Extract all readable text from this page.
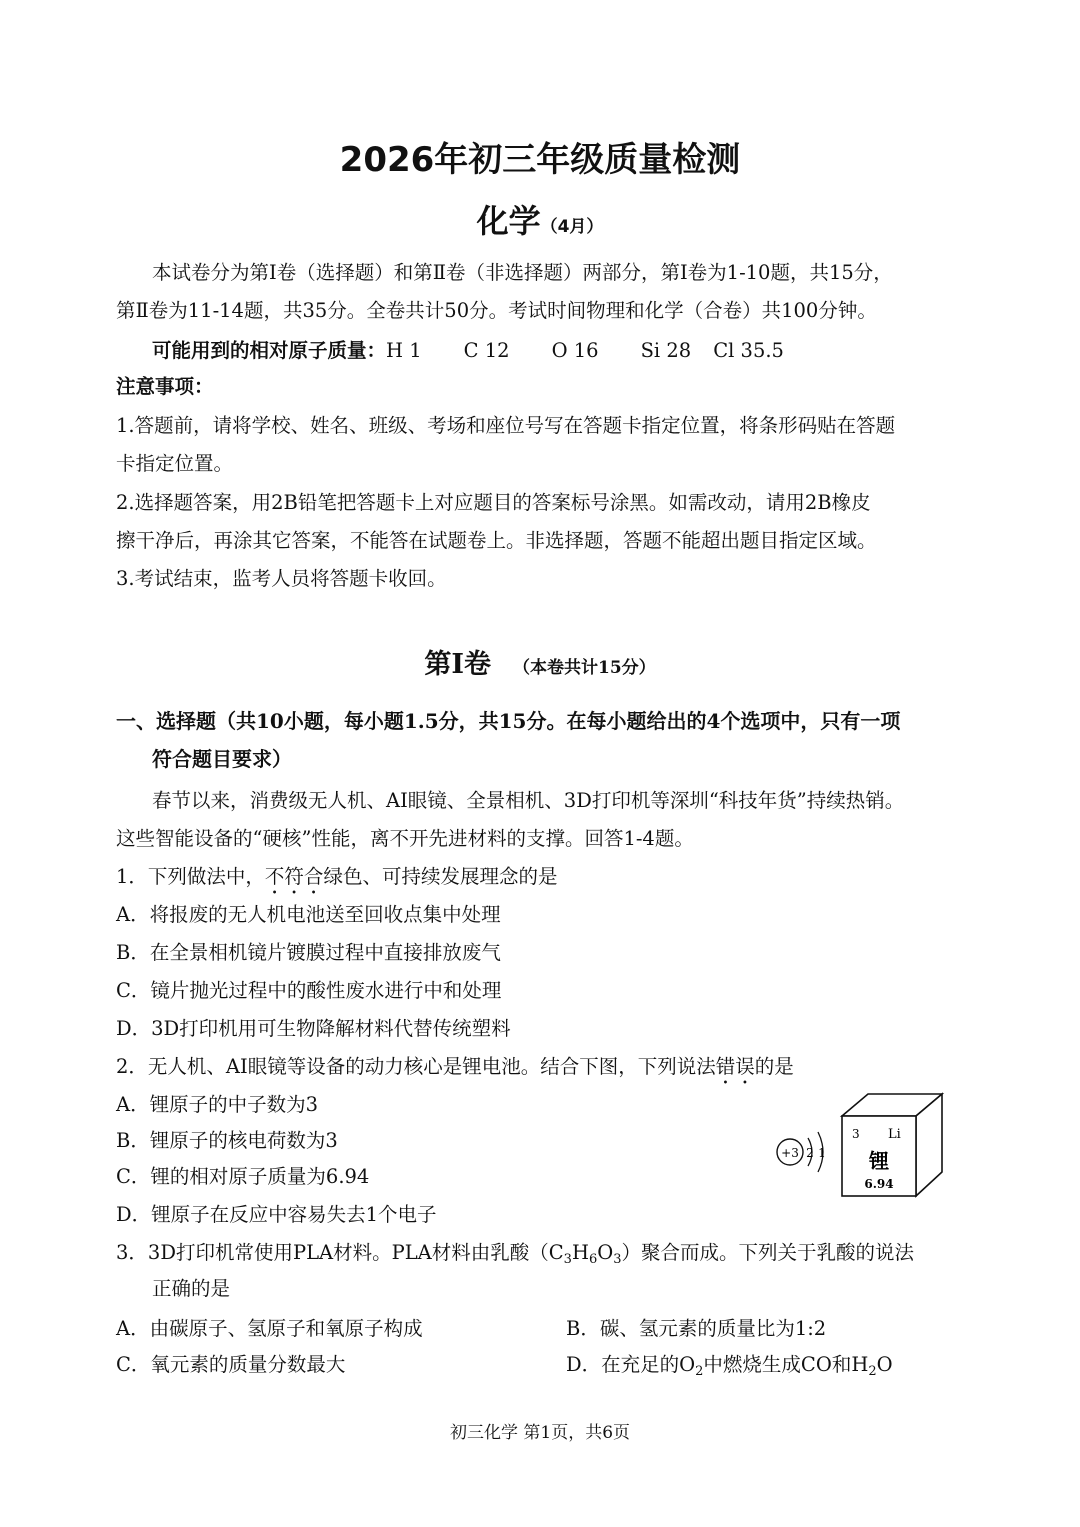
2026年初三年级质量检测
化学（4月）
本试卷分为第Ⅰ卷（选择题）和第Ⅱ卷（非选择题）两部分，第Ⅰ卷为1-10题，共15分，
第Ⅱ卷为11-14题，共35分。全卷共计50分。考试时间物理和化学（合卷）共100分钟。
可能用到的相对原子质量：H 1 C 12 O 16 Si 28 Cl 35.5
注意事项：
1.答题前，请将学校、姓名、班级、考场和座位号写在答题卡指定位置，将条形码贴在答题
卡指定位置。
2.选择题答案，用2B铅笔把答题卡上对应题目的答案标号涂黑。如需改动，请用2B橡皮
擦干净后，再涂其它答案，不能答在试题卷上。非选择题，答题不能超出题目指定区域。
3.考试结束，监考人员将答题卡收回。
第Ⅰ卷 （本卷共计15分）
一、选择题（共10小题，每小题1.5分，共15分。在每小题给出的4个选项中，只有一项
符合题目要求）
春节以来，消费级无人机、AI眼镜、全景相机、3D打印机等深圳“科技年货”持续热销。
这些智能设备的“硬核”性能，离不开先进材料的支撑。回答1-4题。
1．下列做法中，不符合绿色、可持续发展理念的是
A．将报废的无人机电池送至回收点集中处理
B．在全景相机镜片镀膜过程中直接排放废气
C．镜片抛光过程中的酸性废水进行中和处理
D．3D打印机用可生物降解材料代替传统塑料
2．无人机、AI眼镜等设备的动力核心是锂电池。结合下图，下列说法错误的是
A．锂原子的中子数为3
B．锂原子的核电荷数为3
C．锂的相对原子质量为6.94
D．锂原子在反应中容易失去1个电子
+3 2 1
3 Li
锂
6.94
3．3D打印机常使用PLA材料。PLA材料由乳酸$(C_3H_6O_3)$聚合而成。下列关于乳酸的说法
正确的是
A．由碳原子、氢原子和氧原子构成	B．碳、氢元素的质量比为1:2
C．氧元素的质量分数最大	D．在充足的$O_2$中燃烧生成CO和$H_2O$
初三化学 第1页，共6页
